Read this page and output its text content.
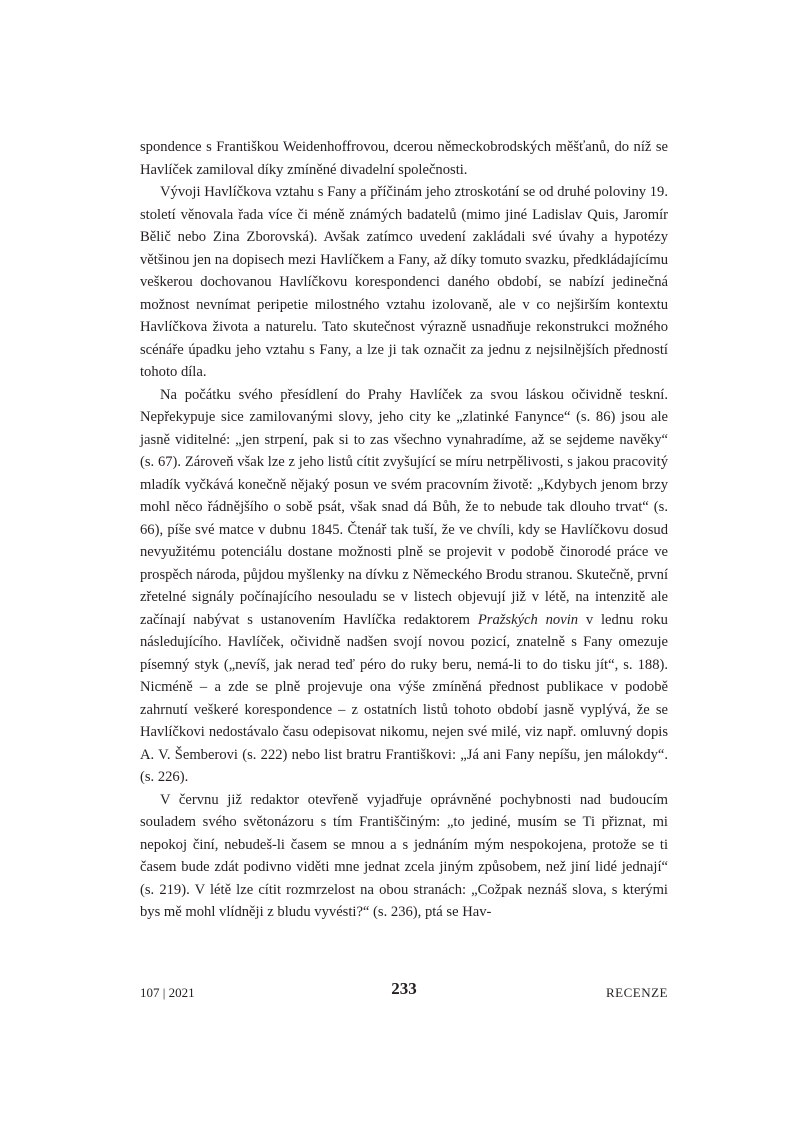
spondence s Františkou Weidenhoffrovou, dcerou německobrodských měšťanů, do níž se Havlíček zamiloval díky zmíněné divadelní společnosti.

Vývoji Havlíčkova vztahu s Fany a příčinám jeho ztroskotání se od druhé poloviny 19. století věnovala řada více či méně známých badatelů (mimo jiné Ladislav Quis, Jaromír Bělič nebo Zina Zborovská). Avšak zatímco uvedení zakládali své úvahy a hypotézy většinou jen na dopisech mezi Havlíčkem a Fany, až díky tomuto svazku, předkládajícímu veškerou dochovanou Havlíčkovu korespondenci daného období, se nabízí jedinečná možnost nevnímat peripetie milostného vztahu izolovaně, ale v co nejširším kontextu Havlíčkova života a naturelu. Tato skutečnost výrazně usnadňuje rekonstrukci možného scénáře úpadku jeho vztahu s Fany, a lze ji tak označit za jednu z nejsilnějších předností tohoto díla.

Na počátku svého přesídlení do Prahy Havlíček za svou láskou očividně teskní. Nepřekypuje sice zamilovanými slovy, jeho city ke „zlatinké Fanynce“ (s. 86) jsou ale jasně viditelné: „jen strpení, pak si to zas všechno vynahradíme, až se sejdeme navěky“ (s. 67). Zároveň však lze z jeho listů cítit zvyšující se míru netrpělivosti, s jakou pracovitý mladík vyčkává konečně nějaký posun ve svém pracovním životě: „Kdybych jenom brzy mohl něco řádnějšího o sobě psát, však snad dá Bůh, že to nebude tak dlouho trvat“ (s. 66), píše své matce v dubnu 1845. Čtenář tak tuší, že ve chvíli, kdy se Havlíčkovu dosud nevyužitému potenciálu dostane možnosti plně se projevit v podobě činorodé práce ve prospěch národa, půjdou myšlenky na dívku z Německého Brodu stranou. Skutečně, první zřetelné signály počínajícího nesouladu se v listech objevují již v létě, na intenzitě ale začínají nabývat s ustanovením Havlíčka redaktorem Pražských novin v lednu roku následujícího. Havlíček, očividně nadšen svojí novou pozicí, znatelně s Fany omezuje písemný styk („nevíš, jak nerad teď péro do ruky beru, nemá-li to do tisku jít“, s. 188). Nicméně – a zde se plně projevuje ona výše zmíněná přednost publikace v podobě zahrnutí veškeré korespondence – z ostatních listů tohoto období jasně vyplývá, že se Havlíčkovi nedostávalo času odepisovat nikomu, nejen své milé, viz např. omluvný dopis A. V. Šemberovi (s. 222) nebo list bratru Františkovi: „Já ani Fany nepíšu, jen málokdy“. (s. 226).

V červnu již redaktor otevřeně vyjadřuje oprávněné pochybnosti nad budoucím souladem svého světonázoru s tím Františčiným: „to jediné, musím se Ti přiznat, mi nepokoj činí, nebudeš-li časem se mnou a s jednáním mým nespokojena, protože se ti časem bude zdát podivno viděti mne jednat zcela jiným způsobem, než jiní lidé jednají“ (s. 219). V létě lze cítit rozmrzelost na obou stranách: „Cožpak neznáš slova, s kterými bys mě mohl vlídněji z bludu vyvésti?“ (s. 236), ptá se Hav-

107 | 2021	233	RECENZE
